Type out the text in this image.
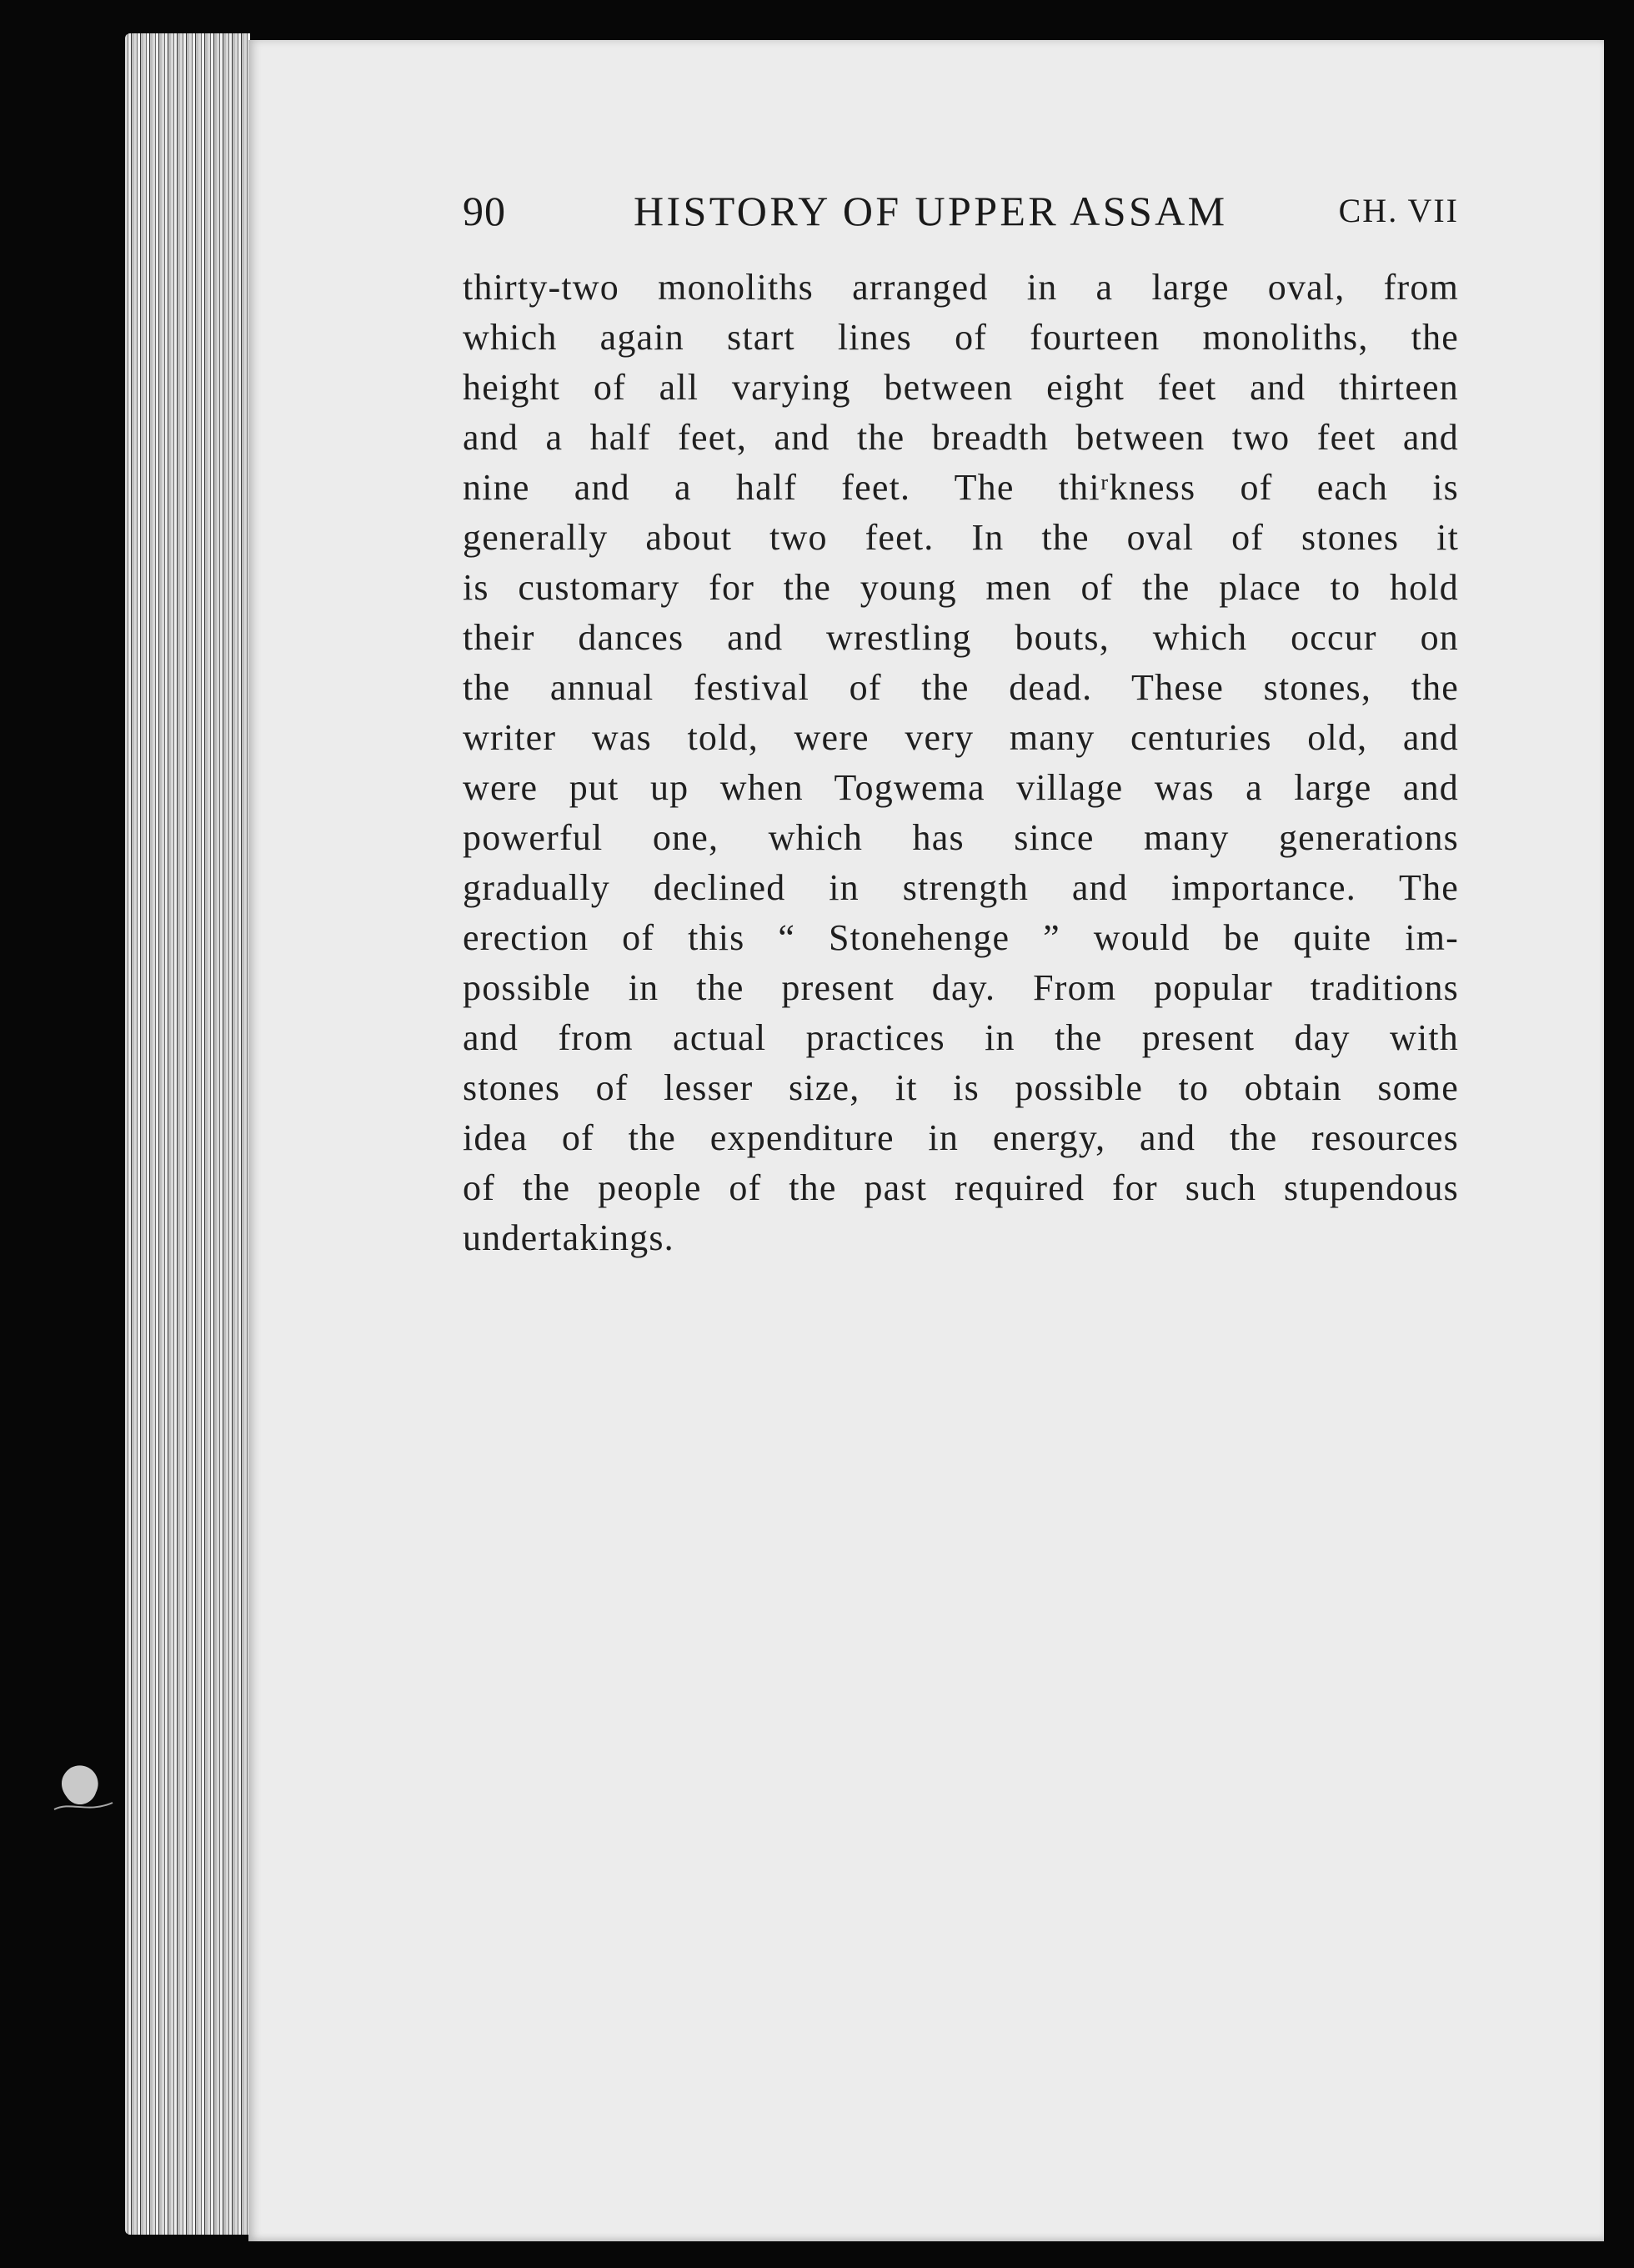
90	HISTORY OF UPPER ASSAM	CH. VII
thirty-two monoliths arranged in a large oval, from
which again start lines of fourteen monoliths, the
height of all varying between eight feet and thirteen
and a half feet, and the breadth between two feet and
nine and a half feet. The thiʳkness of each is
generally about two feet. In the oval of stones it
is customary for the young men of the place to hold
their dances and wrestling bouts, which occur on
the annual festival of the dead. These stones, the
writer was told, were very many centuries old, and
were put up when Togwema village was a large and
powerful one, which has since many generations
gradually declined in strength and importance. The
erection of this “ Stonehenge ” would be quite im-
possible in the present day. From popular traditions
and from actual practices in the present day with
stones of lesser size, it is possible to obtain some
idea of the expenditure in energy, and the resources
of the people of the past required for such stupendous
undertakings.
